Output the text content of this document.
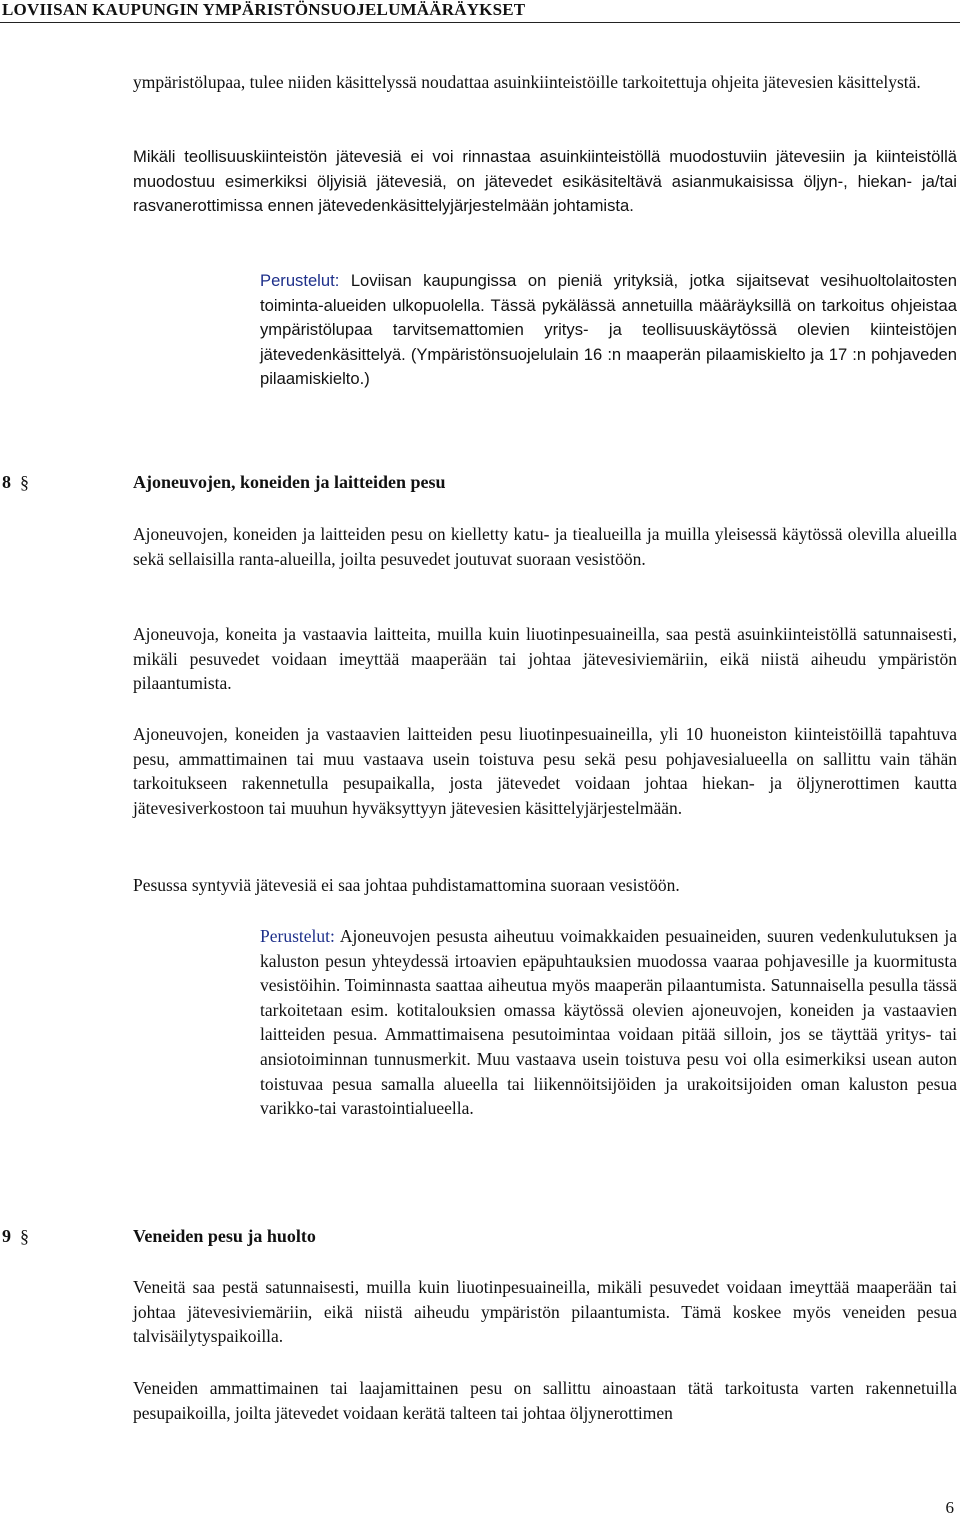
LOVIISAN KAUPUNGIN YMPÄRISTÖNSUOJELUMÄÄRÄYKSET
ympäristölupaa, tulee niiden käsittelyssä noudattaa asuinkiinteistöille tarkoitettuja ohjeita jätevesien käsittelystä.
Mikäli teollisuuskiinteistön jätevesiä ei voi rinnastaa asuinkiinteistöllä muodostuviin jätevesiin ja kiinteistöllä muodostuu esimerkiksi öljyisiä jätevesiä, on jätevedet esikäsiteltävä asianmukaisissa öljyn-, hiekan- ja/tai rasvanerottimissa ennen jätevedenkäsittelyjärjestelmään johtamista.
Perustelut: Loviisan kaupungissa on pieniä yrityksiä, jotka sijaitsevat vesihuoltolaitosten toiminta-alueiden ulkopuolella. Tässä pykälässä annetuilla määräyksillä on tarkoitus ohjeistaa ympäristölupaa tarvitsemattomien yritys- ja teollisuuskäytössä olevien kiinteistöjen jätevedenkäsittelyä. (Ympäristönsuojelulain 16 :n maaperän pilaamiskielto ja 17 :n pohjaveden pilaamiskielto.)
8 §	Ajoneuvojen, koneiden ja laitteiden pesu
Ajoneuvojen, koneiden ja laitteiden pesu on kielletty katu- ja tiealueilla ja muilla yleisessä käytössä olevilla alueilla sekä sellaisilla ranta-alueilla, joilta pesuvedet joutuvat suoraan vesistöön.
Ajoneuvoja, koneita ja vastaavia laitteita, muilla kuin liuotinpesuaineilla, saa pestä asuinkiinteistöllä satunnaisesti, mikäli pesuvedet voidaan imeyttää maaperään tai johtaa jätevesiviemäriin, eikä niistä aiheudu ympäristön pilaantumista.
Ajoneuvojen, koneiden ja vastaavien laitteiden pesu liuotinpesuaineilla, yli 10 huoneiston kiinteistöillä tapahtuva pesu, ammattimainen tai muu vastaava usein toistuva pesu sekä pesu pohjavesialueella on sallittu vain tähän tarkoitukseen rakennetulla pesupaikalla, josta jätevedet voidaan johtaa hiekan- ja öljynerottimen kautta jätevesiverkostoon tai muuhun hyväksyttyyn jätevesien käsittelyjärjestelmään.
Pesussa syntyviä jätevesiä ei saa johtaa puhdistamattomina suoraan vesistöön.
Perustelut: Ajoneuvojen pesusta aiheutuu voimakkaiden pesuaineiden, suuren vedenkulutuksen ja kaluston pesun yhteydessä irtoavien epäpuhtauksien muodossa vaaraa pohjavesille ja kuormitusta vesistöihin. Toiminnasta saattaa aiheutua myös maaperän pilaantumista. Satunnaisella pesulla tässä tarkoitetaan esim. kotitalouksien omassa käytössä olevien ajoneuvojen, koneiden ja vastaavien laitteiden pesua. Ammattimaisena pesutoimintaa voidaan pitää silloin, jos se täyttää yritys- tai ansiotoiminnan tunnusmerkit. Muu vastaava usein toistuva pesu voi olla esimerkiksi usean auton toistuvaa pesua samalla alueella tai liikennöitsijöiden ja urakoitsijoiden oman kaluston pesua varikko-tai varastointialueella.
9 §	Veneiden pesu ja huolto
Veneitä saa pestä satunnaisesti, muilla kuin liuotinpesuaineilla, mikäli pesuvedet voidaan imeyttää maaperään tai johtaa jätevesiviemäriin, eikä niistä aiheudu ympäristön pilaantumista. Tämä koskee myös veneiden pesua talvisäilytyspaikoilla.
Veneiden ammattimainen tai laajamittainen pesu on sallittu ainoastaan tätä tarkoitusta varten rakennetuilla pesupaikoilla, joilta jätevedet voidaan kerätä talteen tai johtaa öljynerottimen
6
